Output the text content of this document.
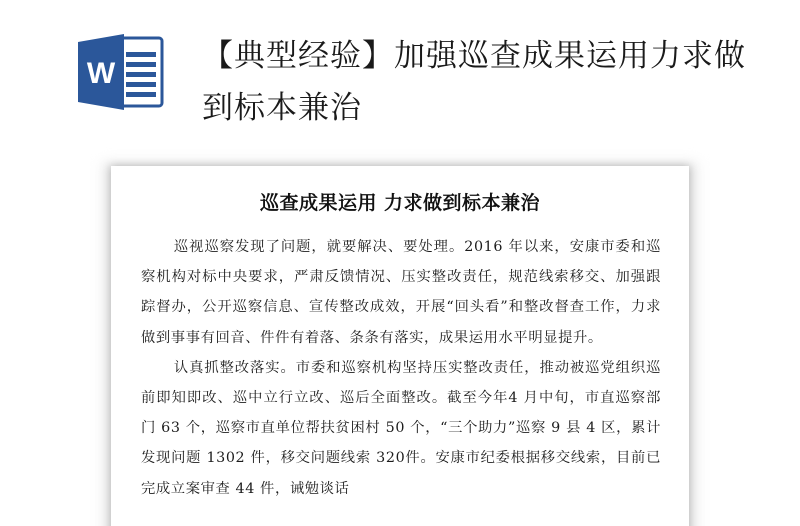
W	【典型经验】加强巡查成果运用力求做到标本兼治
巡查成果运用 力求做到标本兼治

巡视巡察发现了问题，就要解决、要处理。2016 年以来，安康市委和巡察机构对标中央要求，严肃反馈情况、压实整改责任，规范线索移交、加强跟踪督办，公开巡察信息、宣传整改成效，开展“回头看”和整改督查工作，力求做到事事有回音、件件有着落、条条有落实，成果运用水平明显提升。

认真抓整改落实。市委和巡察机构坚持压实整改责任，推动被巡党组织巡前即知即改、巡中立行立改、巡后全面整改。截至今年4 月中旬，市直巡察部门 63 个，巡察市直单位帮扶贫困村 50 个，“三个助力”巡察 9 县 4 区，累计发现问题 1302 件，移交问题线索 320件。安康市纪委根据移交线索，目前已完成立案审查 44 件，诫勉谈话
